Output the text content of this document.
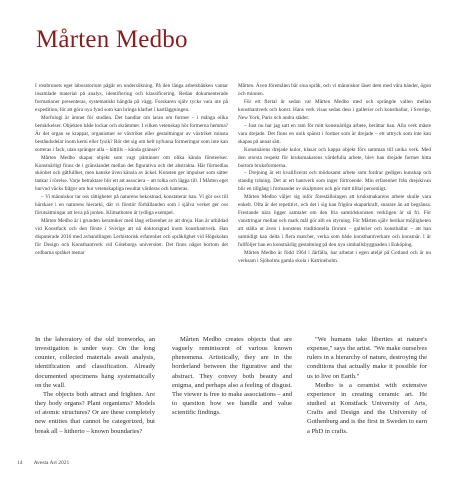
Mårten Medbo

I rostbrunets eget laboratorium pågår en undersökning. På den länga arbetsbänken vantar insamlade material på analys, identifiering och klassificering. Redan dokumenterade formationer presenteras, systematiskt hängda på vägg. Forskaren själv tycks vara ute på expedition, för att göra nya fynd som kan bringa klarhet i kartläggningen.

Morfologi är ämnet för studien. Det handlar om laran om former – i många olika bemärkelser. Objekten både lockar och skrämmer. I vilken vetenskap hör formerna hemma? Är det organ se krappat, organismer se växtriket eller gestaltningar av växtriket minsta beståndsdelar inom kemi eller fysik? Rör det sig om helt nyfunna formeringar som inte kan sorteras i fack, utan spränger alla – hittills – kända gränser?

Mårten Medbo skapar objekt som vagt påminner om olika kända företeelser. Konstnärligt finns de i gränslandet mellan det figurativa och det abstrakta. Här förmedlas skönhet och gåtfullhet, men kanske även känsla av äckel. Konsten ger impulser som sätter tankar i rörelse. Varje betraktare blir ett att associera – att tolka och lägga till. I Mårten eget hurvud väcks frågor om hur vetenskapliga resultat värderas och hanteras.

– Vi människor tar oss rättigheter på naturens bekostnad, konstaterar han. Vi gör oss till härskare i en naturens hierarki, där vi förstör förhållanden som i själva verket ger oss förutsättningar att leva på jorden. Klimathoten är tydliga exempel.

Mårten Medbo är i grunden keramiker med lång erfarenhet av att drejа. Han är utbildad vid Konstfack och den förste i Sverige att nå doktorsgrad inom konsthantverk. Han disputerade 2016 med avhandlingen Lerhistorisk erfarenhet och språklighet vid Högskolan för Design och Konsthantverk vid Göteborgs universitet. Det finns något bortom det ordbarna språket menar

Mårten. Även föremålen bär sina språk, och vi människor läser dem med våra händer, ögon och minnen.

För ett flertal år sedan var Mårten Medbo med och sprängde vallen mellan konsthantverk och konst. Hans verk visas sedan dess i gallerier och konsthallar, i Sverige, New York, Paris och andra städer.

– Just nu har jag satt en ram för mitt konstnärliga arbete, berättar han. Alla verk måste vara drejade. Det finns en unik spänst i former som är drejade – ett uttryck som inte kan skapas på annat sätt.

Konstnärens drejade kulor, klasar och kappa objekt förs samman till unika verk. Med den storsta respekt för kruksmakarens värdefulla arbete, blev han drejade former hitta bortom bruksformerna.

– Drejning är ett kvalificerat och mödosamt arbete som fordrar gedigen kunskap och standig träning. Det ar ett hantverk som inger förtroende. Min erfarenhet från drejskivan blir en tillgång i formandet av skulpturer och gör mitt tilltal personligt.

Mårten Medbo väljer sig inför föreställningen att kruksmakarens arbete skulle vara enkelt. Ofta är det repetitivt, och det i sig kan frigöra skaparkraft, snarare än att begränsa. Frestande nära ligger samtalet om den fria samtidskonsten verkligen är så fri. För vanstringar mellan och mark mål gör allt en styrning. För Mårten själv berikar möjligheten att ställa ut även i konstens traditionella finrum – gallerier och konsthallar – att han samtidigt kan delta i flera matcher, verka som både konsthantverkare och konstnär. I år fullföljer han en konstnärlig gestaltning på den nya simhallsbyggnaden i Enköping.

Mårten Medbo är född 1964 i Järfälla, har arbetat i egen ateljé på Gotland och är nu verksam i Sjöholms gamla skola i Katrineholm.

In the laboratory of the old ironworks, an investigation is under way. On the long counter, collected materials await analysis, identification and classification. Already documented specimens hang systematically on the wall.

The objects both attract and frighten. Are they body organs? Plant organisms? Models of atomic structures? Or are these completely new entities that cannot be categorized, but break all – hitherto – known boundaries?

Mårten Medbo creates objects that are vaguely reminiscent of various known phenomena. Artistically, they are in the borderland between the figurative and the abstract. They convey both beauty and enigma, and perhaps also a feeling of disgust. The viewer is free to make associations – and to question how we handle and value scientific findings.

"We humans take liberties at nature's expense," says the artist. "We make ourselves rulers in a hierarchy of nature, destroying the conditions that actually make it possible for us to live on Earth."

Medbo is a ceramist with extensive experience in creating ceramic art. He studied at Konstfack University of Arts, Crafts and Design and the University of Gothenburg and is the first in Sweden to earn a PhD in crafts.

14 Avesta Art 2021
